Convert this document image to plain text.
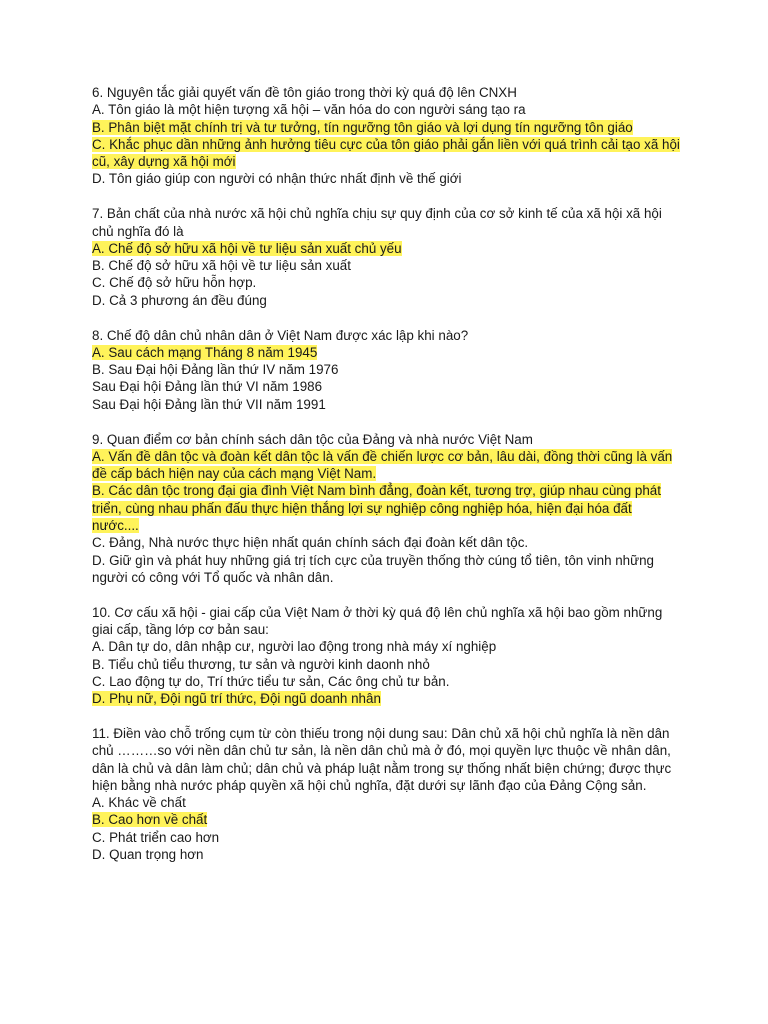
6. Nguyên tắc giải quyết vấn đề tôn giáo trong thời kỳ quá độ lên CNXH
A. Tôn giáo là một hiện tượng xã hội – văn hóa do con người sáng tạo ra
B. Phân biệt mặt chính trị và tư tưởng, tín ngưỡng tôn giáo và lợi dụng tín ngưỡng tôn giáo
C. Khắc phục dần những ảnh hưởng tiêu cực của tôn giáo phải gắn liền với quá trình cải tạo xã hội cũ, xây dựng xã hội mới
D. Tôn giáo giúp con người có nhận thức nhất định về thế giới
7. Bản chất của nhà nước xã hội chủ nghĩa chịu sự quy định của cơ sở kinh tế của xã hội xã hội chủ nghĩa đó là
A. Chế độ sở hữu xã hội về tư liệu sản xuất chủ yếu
B. Chế độ sở hữu xã hội về tư liệu sản xuất
C. Chế độ sở hữu hỗn hợp.
D. Cả 3 phương án đều đúng
8. Chế độ dân chủ nhân dân ở Việt Nam được xác lập khi nào?
A. Sau cách mạng Tháng 8 năm 1945
B. Sau Đại hội Đảng lần thứ IV năm 1976
Sau Đại hội Đảng lần thứ VI năm 1986
Sau Đại hội Đảng lần thứ VII năm 1991
9. Quan điểm cơ bản chính sách dân tộc của Đảng và nhà nước Việt Nam
A. Vấn đề dân tộc và đoàn kết dân tộc là vấn đề chiến lược cơ bản, lâu dài, đồng thời cũng là vấn đề cấp bách hiện nay của cách mạng Việt Nam.
B. Các dân tộc trong đại gia đình Việt Nam bình đẳng, đoàn kết, tương trợ, giúp nhau cùng phát triển, cùng nhau phấn đấu thực hiện thắng lợi sự nghiệp công nghiệp hóa, hiện đại hóa đất nước....
C. Đảng, Nhà nước thực hiện nhất quán chính sách đại đoàn kết dân tộc.
D. Giữ gìn và phát huy những giá trị tích cực của truyền thống thờ cúng tổ tiên, tôn vinh những người có công với Tổ quốc và nhân dân.
10. Cơ cấu xã hội - giai cấp của Việt Nam ở thời kỳ quá độ lên chủ nghĩa xã hội bao gồm những giai cấp, tầng lớp cơ bản sau:
A. Dân tự do, dân nhập cư, người lao động trong nhà máy xí nghiệp
B. Tiểu chủ tiểu thương, tư sản và người kinh daonh nhỏ
C. Lao động tự do, Trí thức tiểu tư sản, Các ông chủ tư bản.
D. Phụ nữ, Đội ngũ trí thức, Đội ngũ doanh nhân
11. Điền vào chỗ trống cụm từ còn thiếu trong nội dung sau: Dân chủ xã hội chủ nghĩa là nền dân chủ ………so với nền dân chủ tư sản, là nền dân chủ mà ở đó, mọi quyền lực thuộc về nhân dân, dân là chủ và dân làm chủ; dân chủ và pháp luật nằm trong sự thống nhất biện chứng; được thực hiện bằng nhà nước pháp quyền xã hội chủ nghĩa, đặt dưới sự lãnh đạo của Đảng Cộng sản.
A. Khác về chất
B. Cao hơn về chất
C. Phát triển cao hơn
D. Quan trọng hơn
